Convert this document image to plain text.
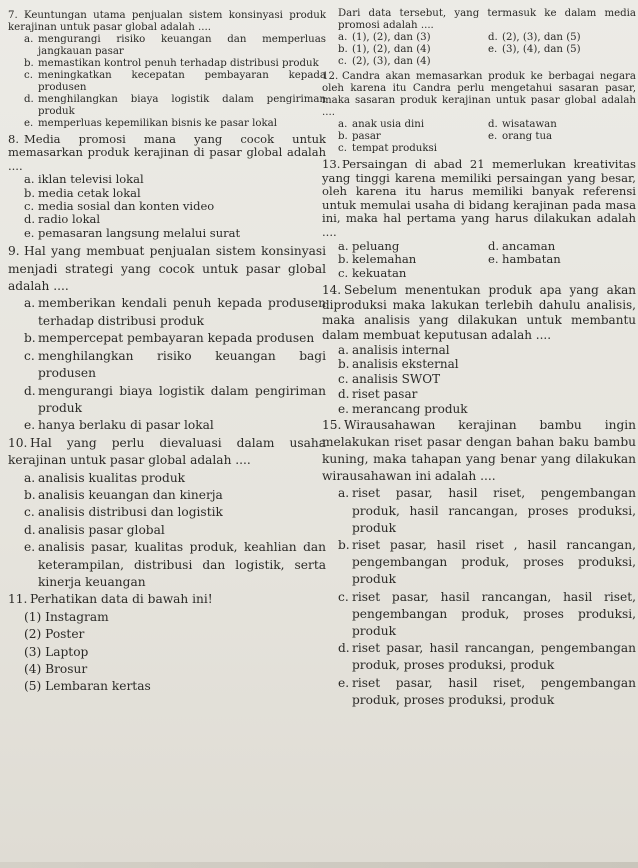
7. Keuntungan utama penjualan sistem konsinyasi produk kerajinan untuk pasar global adalah ....
a. mengurangi risiko keuangan dan memperluas jangkauan pasar
b. memastikan kontrol penuh terhadap distribusi produk
c. meningkatkan kecepatan pembayaran kepada produsen
d. menghilangkan biaya logistik dalam pengiriman produk
e. memperluas kepemilikan bisnis ke pasar lokal
8. Media promosi mana yang cocok untuk memasarkan produk kerajinan di pasar global adalah ....
a. iklan televisi lokal
b. media cetak lokal
c. media sosial dan konten video
d. radio lokal
e. pemasaran langsung melalui surat
9. Hal yang membuat penjualan sistem konsinyasi menjadi strategi yang cocok untuk pasar global adalah ....
a. memberikan kendali penuh kepada produsen terhadap distribusi produk
b. mempercepat pembayaran kepada produsen
c. menghilangkan risiko keuangan bagi produsen
d. mengurangi biaya logistik dalam pengiriman produk
e. hanya berlaku di pasar lokal
10. Hal yang perlu dievaluasi dalam usaha kerajinan untuk pasar global adalah ....
a. analisis kualitas produk
b. analisis keuangan dan kinerja
c. analisis distribusi dan logistik
d. analisis pasar global
e. analisis pasar, kualitas produk, keahlian dan keterampilan, distribusi dan logistik, serta kinerja keuangan
11. Perhatikan data di bawah ini!
(1) Instagram
(2) Poster
(3) Laptop
(4) Brosur
(5) Lembaran kertas
Dari data tersebut, yang termasuk ke dalam media promosi adalah ....
a. (1), (2), dan (3)	d. (2), (3), dan (5)
b. (1), (2), dan (4)	e. (3), (4), dan (5)
c. (2), (3), dan (4)
12. Candra akan memasarkan produk ke berbagai negara oleh karena itu Candra perlu mengetahui sasaran pasar, maka sasaran produk kerajinan untuk pasar global adalah ....
a. anak usia dini	d. wisatawan
b. pasar	e. orang tua
c. tempat produksi
13. Persaingan di abad 21 memerlukan kreativitas yang tinggi karena memiliki persaingan yang besar, oleh karena itu harus memiliki banyak referensi untuk memulai usaha di bidang kerajinan pada masa ini, maka hal pertama yang harus dilakukan adalah ....
a. peluang	d. ancaman
b. kelemahan	e. hambatan
c. kekuatan
14. Sebelum menentukan produk apa yang akan diproduksi maka lakukan terlebih dahulu analisis, maka analisis yang dilakukan untuk membantu dalam membuat keputusan adalah ....
a. analisis internal
b. analisis eksternal
c. analisis SWOT
d. riset pasar
e. merancang produk
15. Wirausahawan kerajinan bambu ingin melakukan riset pasar dengan bahan baku bambu kuning, maka tahapan yang benar yang dilakukan wirausahawan ini adalah ....
a. riset pasar, hasil riset, pengembangan produk, hasil rancangan, proses produksi, produk
b. riset pasar, hasil riset , hasil rancangan, pengembangan produk, proses produksi, produk
c. riset pasar, hasil rancangan, hasil riset, pengembangan produk, proses produksi, produk
d. riset pasar, hasil rancangan, pengembangan produk, proses produksi, produk
e. riset pasar, hasil riset, pengembangan produk, proses produksi, produk
